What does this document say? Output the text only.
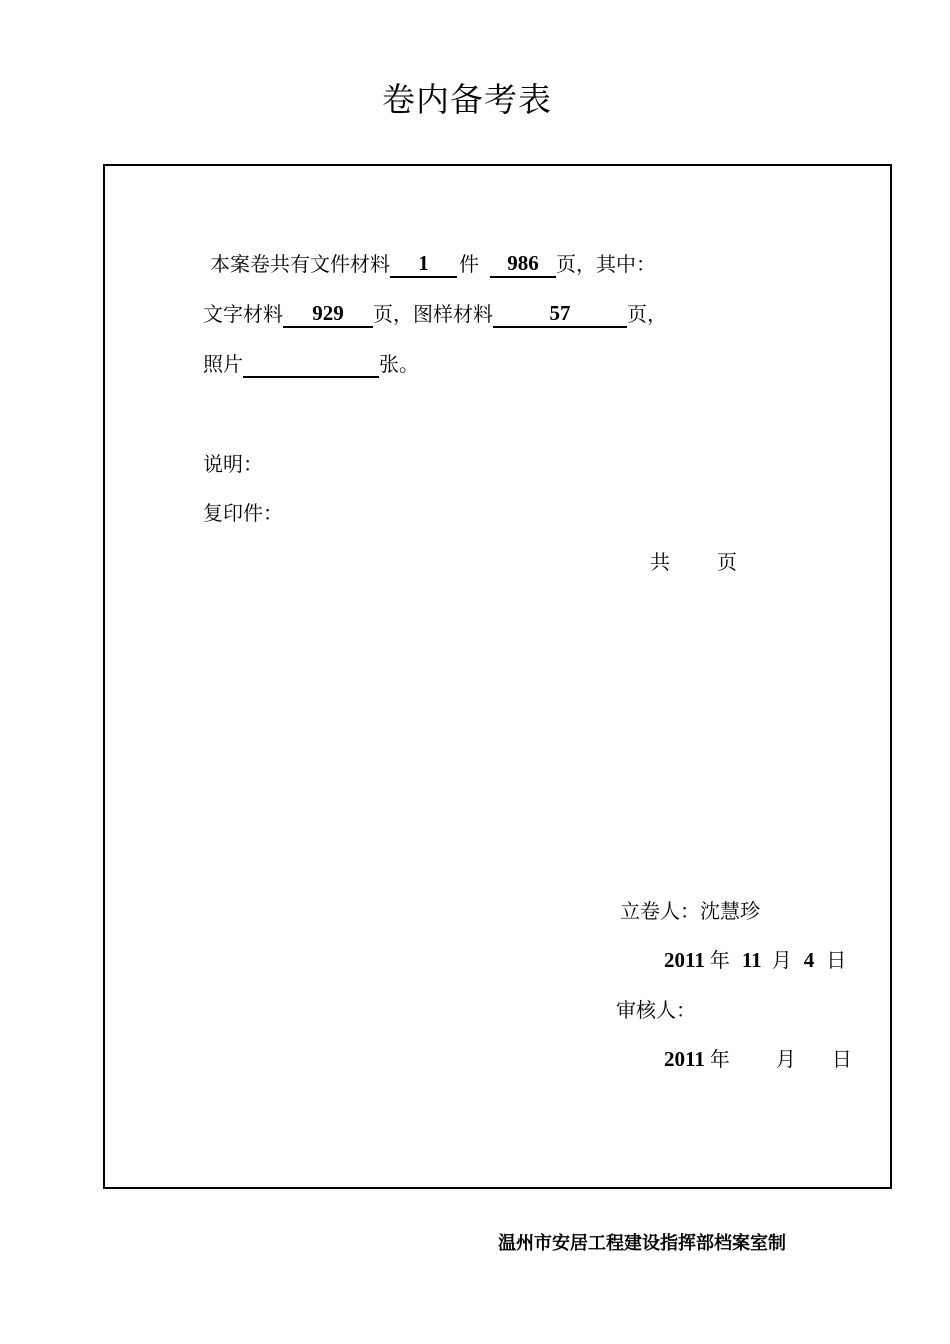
卷内备考表
本案卷共有文件材料 1 件 986 页，其中：
文字材料 929 页，图样材料	57	页，
照片	张。
说明：
复印件：
共 页
立卷人：沈慧珍
2011 年 11 月 4 日
审核人：
2011 年 月 日
温州市安居工程建设指挥部档案室制
